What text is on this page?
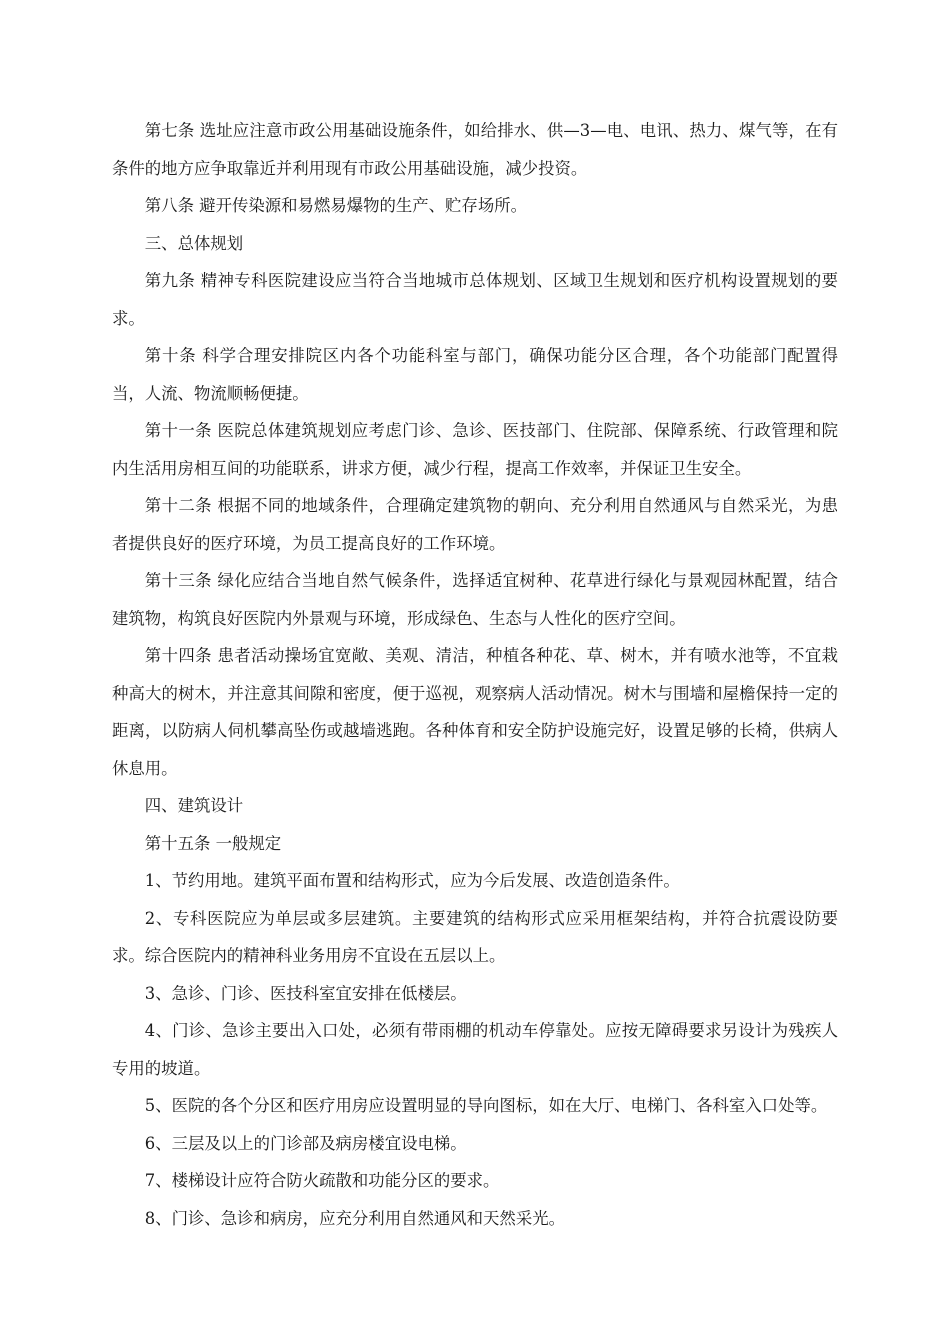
第七条 选址应注意市政公用基础设施条件，如给排水、供—3—电、电讯、热力、煤气等，在有条件的地方应争取靠近并利用现有市政公用基础设施，减少投资。

第八条 避开传染源和易燃易爆物的生产、贮存场所。

三、总体规划

第九条 精神专科医院建设应当符合当地城市总体规划、区域卫生规划和医疗机构设置规划的要求。

第十条 科学合理安排院区内各个功能科室与部门，确保功能分区合理，各个功能部门配置得当，人流、物流顺畅便捷。

第十一条 医院总体建筑规划应考虑门诊、急诊、医技部门、住院部、保障系统、行政管理和院内生活用房相互间的功能联系，讲求方便，减少行程，提高工作效率，并保证卫生安全。

第十二条 根据不同的地域条件，合理确定建筑物的朝向、充分利用自然通风与自然采光，为患者提供良好的医疗环境，为员工提高良好的工作环境。

第十三条 绿化应结合当地自然气候条件，选择适宜树种、花草进行绿化与景观园林配置，结合建筑物，构筑良好医院内外景观与环境，形成绿色、生态与人性化的医疗空间。

第十四条 患者活动操场宜宽敞、美观、清洁，种植各种花、草、树木，并有喷水池等，不宜栽种高大的树木，并注意其间隙和密度，便于巡视，观察病人活动情况。树木与围墙和屋檐保持一定的距离，以防病人伺机攀高坠伤或越墙逃跑。各种体育和安全防护设施完好，设置足够的长椅，供病人休息用。

四、建筑设计

第十五条 一般规定

1、节约用地。建筑平面布置和结构形式，应为今后发展、改造创造条件。

2、专科医院应为单层或多层建筑。主要建筑的结构形式应采用框架结构，并符合抗震设防要求。综合医院内的精神科业务用房不宜设在五层以上。

3、急诊、门诊、医技科室宜安排在低楼层。

4、门诊、急诊主要出入口处，必须有带雨棚的机动车停靠处。应按无障碍要求另设计为残疾人专用的坡道。

5、医院的各个分区和医疗用房应设置明显的导向图标，如在大厅、电梯门、各科室入口处等。

6、三层及以上的门诊部及病房楼宜设电梯。

7、楼梯设计应符合防火疏散和功能分区的要求。

8、门诊、急诊和病房，应充分利用自然通风和天然采光。
